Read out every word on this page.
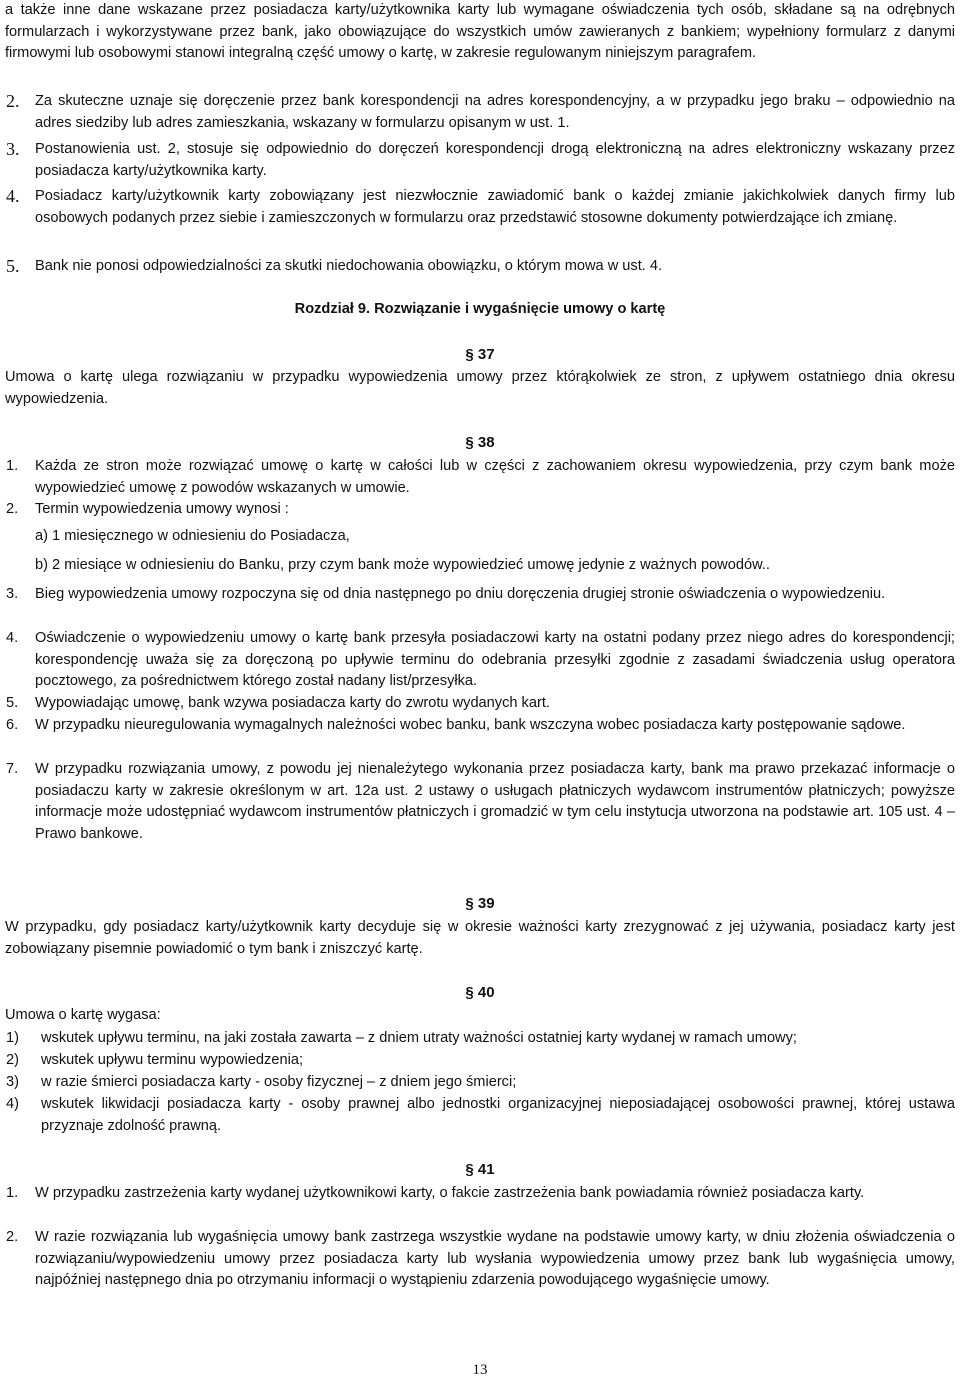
a także inne dane wskazane przez posiadacza karty/użytkownika karty lub wymagane oświadczenia tych osób, składane są na odrębnych formularzach i wykorzystywane przez bank, jako obowiązujące do wszystkich umów zawieranych z bankiem; wypełniony formularz z danymi firmowymi lub osobowymi stanowi integralną część umowy o kartę, w zakresie regulowanym niniejszym paragrafem.
2. Za skuteczne uznaje się doręczenie przez bank korespondencji na adres korespondencyjny, a w przypadku jego braku – odpowiednio na adres siedziby lub adres zamieszkania, wskazany w formularzu opisanym w ust. 1.
3. Postanowienia ust. 2, stosuje się odpowiednio do doręczeń korespondencji drogą elektroniczną na adres elektroniczny wskazany przez posiadacza karty/użytkownika karty.
4. Posiadacz karty/użytkownik karty zobowiązany jest niezwłocznie zawiadomić bank o każdej zmianie jakichkolwiek danych firmy lub osobowych podanych przez siebie i zamieszczonych w formularzu oraz przedstawić stosowne dokumenty potwierdzające ich zmianę.
5. Bank nie ponosi odpowiedzialności za skutki niedochowania obowiązku, o którym mowa w ust. 4.
Rozdział 9. Rozwiązanie i wygaśnięcie umowy o kartę
§ 37
Umowa o kartę ulega rozwiązaniu w przypadku wypowiedzenia umowy przez którąkolwiek ze stron, z upływem ostatniego dnia okresu wypowiedzenia.
§ 38
1. Każda ze stron może rozwiązać umowę o kartę w całości lub w części z zachowaniem okresu wypowiedzenia, przy czym bank może wypowiedzieć umowę z powodów wskazanych w umowie.
2. Termin wypowiedzenia umowy wynosi :
a) 1 miesięcznego w odniesieniu do Posiadacza,
b) 2 miesiące w odniesieniu do Banku, przy czym bank może wypowiedzieć umowę jedynie z ważnych powodów..
3. Bieg wypowiedzenia umowy rozpoczyna się od dnia następnego po dniu doręczenia drugiej stronie oświadczenia o wypowiedzeniu.
4. Oświadczenie o wypowiedzeniu umowy o kartę bank przesyła posiadaczowi karty na ostatni podany przez niego adres do korespondencji; korespondencję uważa się za doręczoną po upływie terminu do odebrania przesyłki zgodnie z zasadami świadczenia usług operatora pocztowego, za pośrednictwem którego został nadany list/przesyłka.
5. Wypowiadając umowę, bank wzywa posiadacza karty do zwrotu wydanych kart.
6. W przypadku nieuregulowania wymagalnych należności wobec banku, bank wszczyna wobec posiadacza karty postępowanie sądowe.
7. W przypadku rozwiązania umowy, z powodu jej nienależytego wykonania przez posiadacza karty, bank ma prawo przekazać informacje o posiadaczu karty w zakresie określonym w art. 12a ust. 2 ustawy o usługach płatniczych wydawcom instrumentów płatniczych; powyższe informacje może udostępniać wydawcom instrumentów płatniczych i gromadzić w tym celu instytucja utworzona na podstawie art. 105 ust. 4 – Prawo bankowe.
§ 39
W przypadku, gdy posiadacz karty/użytkownik karty decyduje się w okresie ważności karty zrezygnować z jej używania, posiadacz karty jest zobowiązany pisemnie powiadomić o tym bank i zniszczyć kartę.
§ 40
Umowa o kartę wygasa:
1) wskutek upływu terminu, na jaki została zawarta – z dniem utraty ważności ostatniej karty wydanej w ramach umowy;
2) wskutek upływu terminu wypowiedzenia;
3) w razie śmierci posiadacza karty - osoby fizycznej – z dniem jego śmierci;
4) wskutek likwidacji posiadacza karty - osoby prawnej albo jednostki organizacyjnej nieposiadającej osobowości prawnej, której ustawa przyznaje zdolność prawną.
§ 41
1. W przypadku zastrzeżenia karty wydanej użytkownikowi karty, o fakcie zastrzeżenia bank powiadamia również posiadacza karty.
2. W razie rozwiązania lub wygaśnięcia umowy bank zastrzega wszystkie wydane na podstawie umowy karty, w dniu złożenia oświadczenia o rozwiązaniu/wypowiedzeniu umowy przez posiadacza karty lub wysłania wypowiedzenia umowy przez bank lub wygaśnięcia umowy, najpóźniej następnego dnia po otrzymaniu informacji o wystąpieniu zdarzenia powodującego wygaśnięcie umowy.
13
